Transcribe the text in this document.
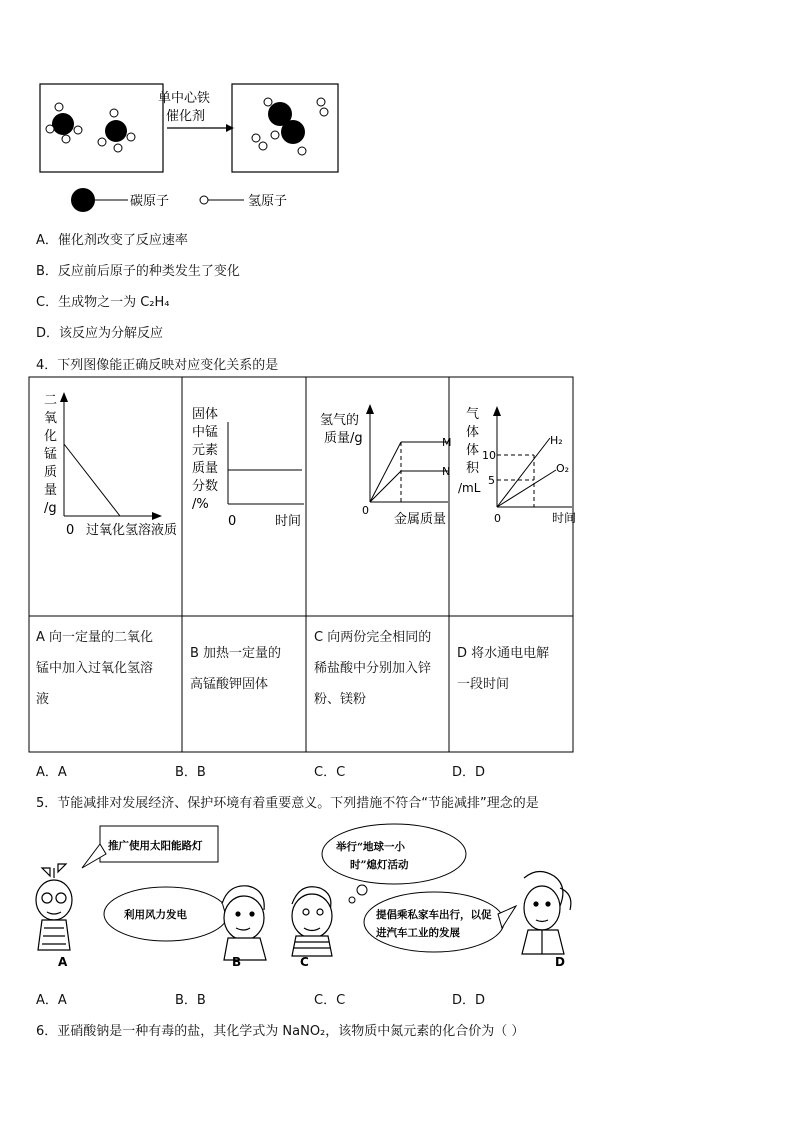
单中心铁
催化剂
碳原子	氢原子
A．催化剂改变了反应速率
B．反应前后原子的种类发生了变化
C．生成物之一为 C₂H₄
D．该反应为分解反应
4．下列图像能正确反映对应变化关系的是
二
氧
化
锰
质
量
/g
0 过氧化氢溶液质
固体
中锰
元素
质量
分数
/%
0	时间
氢气的
质量/g
0
金属质量
M
N
气
体
体
积
/mL
10
5
0	时间
H₂
O₂
A 向一定量的二氧化
锰中加入过氧化氢溶
液
B 加热一定量的
高锰酸钾固体
C 向两份完全相同的
稀盐酸中分别加入锌
粉、镁粉
D 将水通电电解
一段时间
A．A	B．B	C．C	D．D
5．节能减排对发展经济、保护环境有着重要意义。下列措施不符合“节能减排”理念的是
推广使用太阳能路灯
利用风力发电
举行“地球一小
时”熄灯活动
提倡乘私家车出行，以促
进汽车工业的发展
A	B	C	D
A．A	B．B	C．C	D．D
6．亚硝酸钠是一种有毒的盐，其化学式为 NaNO₂，该物质中氮元素的化合价为（ ）
